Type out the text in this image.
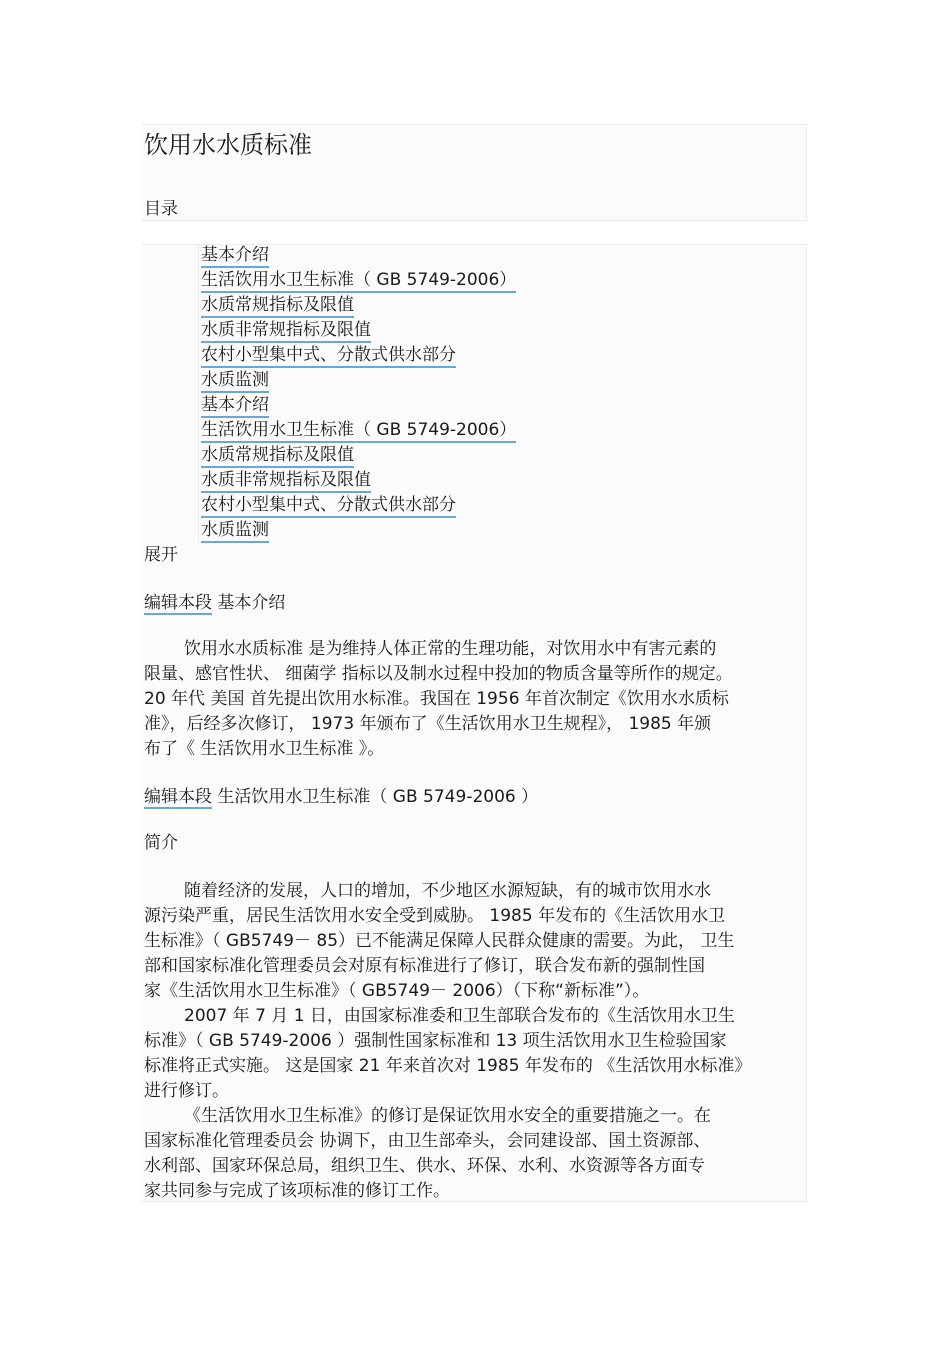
饮用水水质标准
目录
基本介绍
生活饮用水卫生标准（ GB 5749-2006）
水质常规指标及限值
水质非常规指标及限值
农村小型集中式、分散式供水部分
水质监测
基本介绍
生活饮用水卫生标准（ GB 5749-2006）
水质常规指标及限值
水质非常规指标及限值
农村小型集中式、分散式供水部分
水质监测
展开
编辑本段 基本介绍
饮用水水质标准 是为维持人体正常的生理功能，对饮用水中有害元素的
限量、感官性状、 细菌学 指标以及制水过程中投加的物质含量等所作的规定。
20 年代 美国 首先提出饮用水标准。我国在 1956 年首次制定《饮用水水质标
准》，后经多次修订， 1973 年颁布了《生活饮用水卫生规程》， 1985 年颁
布了《 生活饮用水卫生标准 》。
编辑本段 生活饮用水卫生标准（ GB 5749-2006 ）
简介
随着经济的发展，人口的增加，不少地区水源短缺，有的城市饮用水水
源污染严重，居民生活饮用水安全受到威胁。 1985 年发布的《生活饮用水卫
生标准》（ GB5749－ 85）已不能满足保障人民群众健康的需要。为此， 卫生
部和国家标准化管理委员会对原有标准进行了修订，联合发布新的强制性国
家《生活饮用水卫生标准》（ GB5749－ 2006）（下称“新标准”）。
2007 年 7 月 1 日，由国家标准委和卫生部联合发布的《生活饮用水卫生
标准》（ GB 5749-2006 ）强制性国家标准和 13 项生活饮用水卫生检验国家
标准将正式实施。 这是国家 21 年来首次对 1985 年发布的 《生活饮用水标准》
进行修订。
《生活饮用水卫生标准》的修订是保证饮用水安全的重要措施之一。在
国家标准化管理委员会 协调下，由卫生部牵头，会同建设部、国土资源部、
水利部、国家环保总局，组织卫生、供水、环保、水利、水资源等各方面专
家共同参与完成了该项标准的修订工作。
